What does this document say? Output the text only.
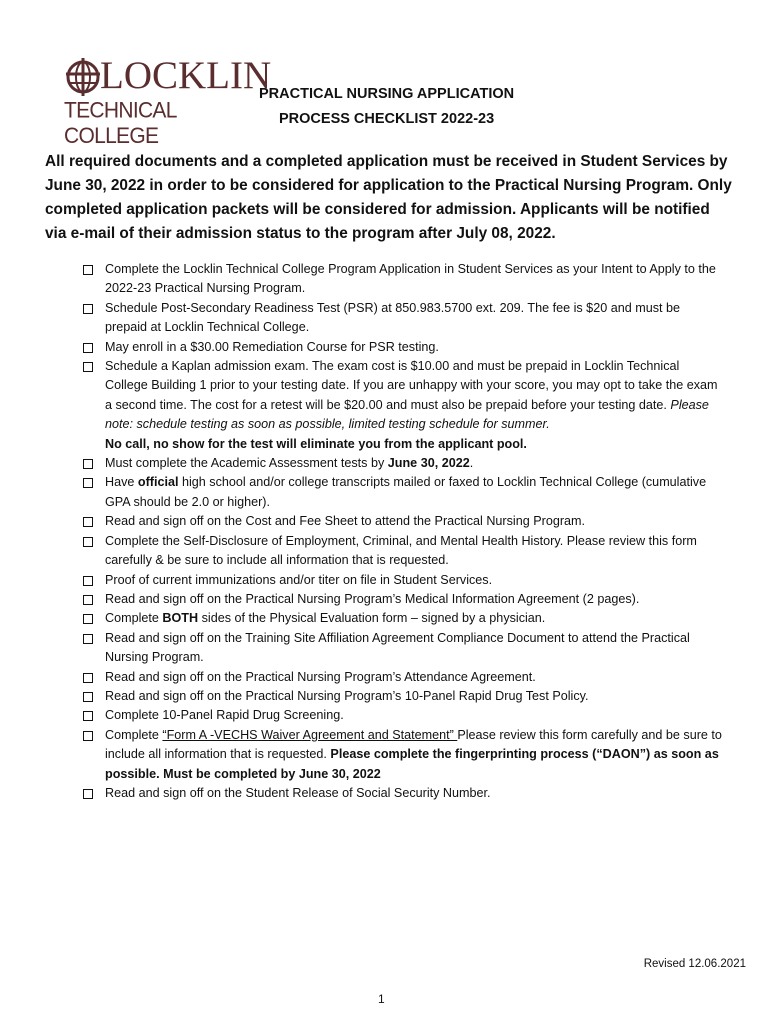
LOCKLIN
TECHNICAL COLLEGE
PRACTICAL NURSING APPLICATION
PROCESS CHECKLIST 2022-23

All required documents and a completed application must be received in Student Services by June 30, 2022 in order to be considered for application to the Practical Nursing Program. Only completed application packets will be considered for admission. Applicants will be notified via e-mail of their admission status to the program after July 08, 2022.

Complete the Locklin Technical College Program Application in Student Services as your Intent to Apply to the 2022-23 Practical Nursing Program.
Schedule Post-Secondary Readiness Test (PSR) at 850.983.5700 ext. 209. The fee is $20 and must be prepaid at Locklin Technical College.
May enroll in a $30.00 Remediation Course for PSR testing.
Schedule a Kaplan admission exam. The exam cost is $10.00 and must be prepaid in Locklin Technical College Building 1 prior to your testing date. If you are unhappy with your score, you may opt to take the exam a second time. The cost for a retest will be $20.00 and must also be prepaid before your testing date. Please note: schedule testing as soon as possible, limited testing schedule for summer.
No call, no show for the test will eliminate you from the applicant pool.
Must complete the Academic Assessment tests by June 30, 2022.
Have official high school and/or college transcripts mailed or faxed to Locklin Technical College (cumulative GPA should be 2.0 or higher).
Read and sign off on the Cost and Fee Sheet to attend the Practical Nursing Program.
Complete the Self-Disclosure of Employment, Criminal, and Mental Health History. Please review this form carefully & be sure to include all information that is requested.
Proof of current immunizations and/or titer on file in Student Services.
Read and sign off on the Practical Nursing Program’s Medical Information Agreement (2 pages).
Complete BOTH sides of the Physical Evaluation form – signed by a physician.
Read and sign off on the Training Site Affiliation Agreement Compliance Document to attend the Practical Nursing Program.
Read and sign off on the Practical Nursing Program’s Attendance Agreement.
Read and sign off on the Practical Nursing Program’s 10-Panel Rapid Drug Test Policy.
Complete 10-Panel Rapid Drug Screening.
Complete “Form A -VECHS Waiver Agreement and Statement” Please review this form carefully and be sure to include all information that is requested. Please complete the fingerprinting process (“DAON”) as soon as possible. Must be completed by June 30, 2022
Read and sign off on the Student Release of Social Security Number.
Revised 12.06.2021
1
